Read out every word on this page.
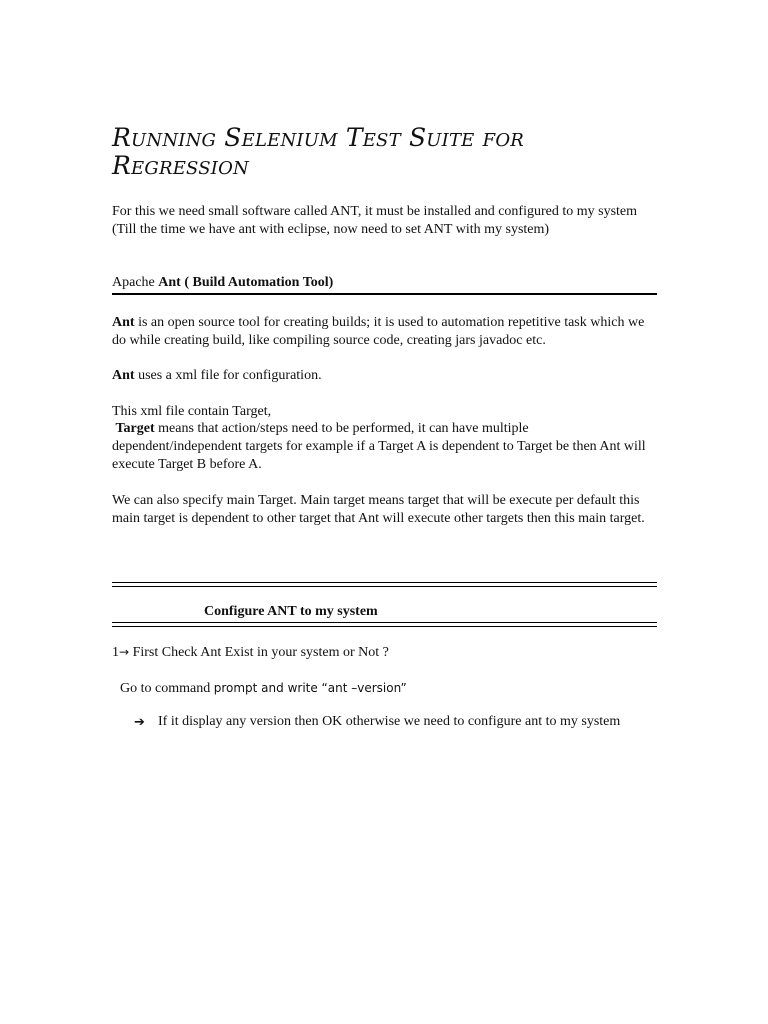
Running Selenium Test Suite for
Regression

For this we need small software called ANT, it must be installed and configured to my system (Till the time we have ant with eclipse, now need to set ANT with my system)

Apache Ant ( Build Automation Tool)

Ant is an open source tool for creating builds; it is used to automation repetitive task which we do while creating build, like compiling source code, creating jars javadoc etc.

Ant uses a xml file for configuration.

This xml file contain Target,

Target means that action/steps need to be performed, it can have multiple dependent/independent targets for example if a Target A is dependent to Target be then Ant will execute Target B before A.

We can also specify main Target. Main target means target that will be execute per default this main target is dependent to other target that Ant will execute other targets then this main target.

Configure ANT to my system

1→ First Check Ant Exist in your system or Not ?

Go to command prompt and write “ant –version”

➔ If it display any version then OK otherwise we need to configure ant to my system
